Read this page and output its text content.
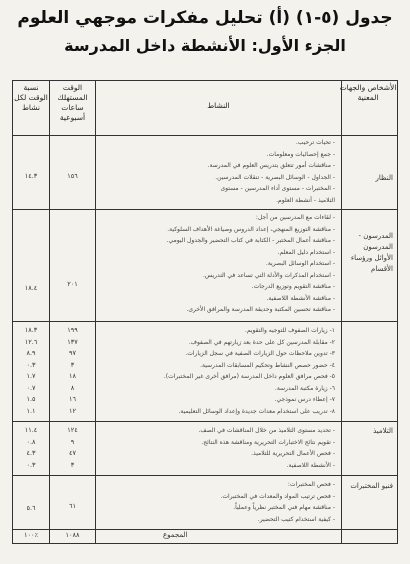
جدول (٥-١) (أ) تحليل مفكرات موجهي العلوم
الجزء الأول: الأنشطة داخل المدرسة
الأشخاص والجهات المعنية
النشاط
الوقت المستهلك ساعات أسبوعية
نسبة الوقت لكل نشاط
النظار
- تحيات ترحيب.
- جمع إحصائيات ومعلومات.
- مناقشات أمور تتعلق بتدريس العلوم في المدرسة.
- الجداول - الوسائل البصرية - تنقلات المدرسين.
- المختبرات - مستوى أداء المدرسين - مستوى
التلاميذ - أنشطة العلوم.
١٥٦
١٤.٣
المدرسون - المدرسون الأوائل ورؤساء الأقسام
- لقاءات مع المدرسين من أجل:
- مناقشة التوزيع المنهجي، إعداد الدروس وصياغة الأهداف السلوكية.
- مناقشة أعمال المختبر - الكتابة في كتاب التحضير والجدول اليومي.
- استخدام دليل المعلم.
- استخدام الوسائل البصرية.
- استخدام المذكرات والأدلة التي تساعد في التدريس.
- مناقشة التقويم وتوزيع الدرجات.
- مناقشة الأنشطة اللاصفية.
- مناقشة تحسين المكتبة وحديقة المدرسة والمرافق الأخرى.
٢٠١
١٨.٤
١- زيارات الصفوف للتوجيه والتقويم.
٢- مقابلة المدرسين كل على حدة بعد زيارتهم في الصفوف.
٣- تدوين ملاحظات حول الزيارات الصفية في سجل الزيارات.
٤- حضور حصص النشاط وتحكيم المسابقات المدرسية.
٥- فحص مرافق العلوم داخل المدرسة (مرافق أخرى غير المختبرات).
٦- زيارة مكتبة المدرسة.
٧- إعطاء درس نموذجي.
٨- تدريب على استخدام معدات جديدة وإعداد الوسائل التعليمية.
١٩٩
١٣٧
٩٧
٣
١٨
٨
١٦
١٢
١٨.٣
١٢.٦
٨.٩
٠.٣
١.٧
٠.٧
١.٥
١.١
التلاميذ
- تحديد مستوى التلاميذ من خلال المناقشات في الصف.
- تقويم نتائج الاختبارات التحريرية ومناقشة هذه النتائج.
- فحص الأعمال التحريرية للتلاميذ.
- الأنشطة اللاصفية.
١٢٤
٩
٤٧
٣
١١.٤
٠.٨
٤.٣
٠.٣
فنيو المختبرات
- فحص المختبرات:
- فحص ترتيب المواد والمعدات في المختبرات.
- مناقشة مهام فني المختبر نظرياً وعملياً.
- كيفية استخدام كتيب التحضير.
٦١
٥.٦
المجموع
١٠٨٨
٪١٠٠
